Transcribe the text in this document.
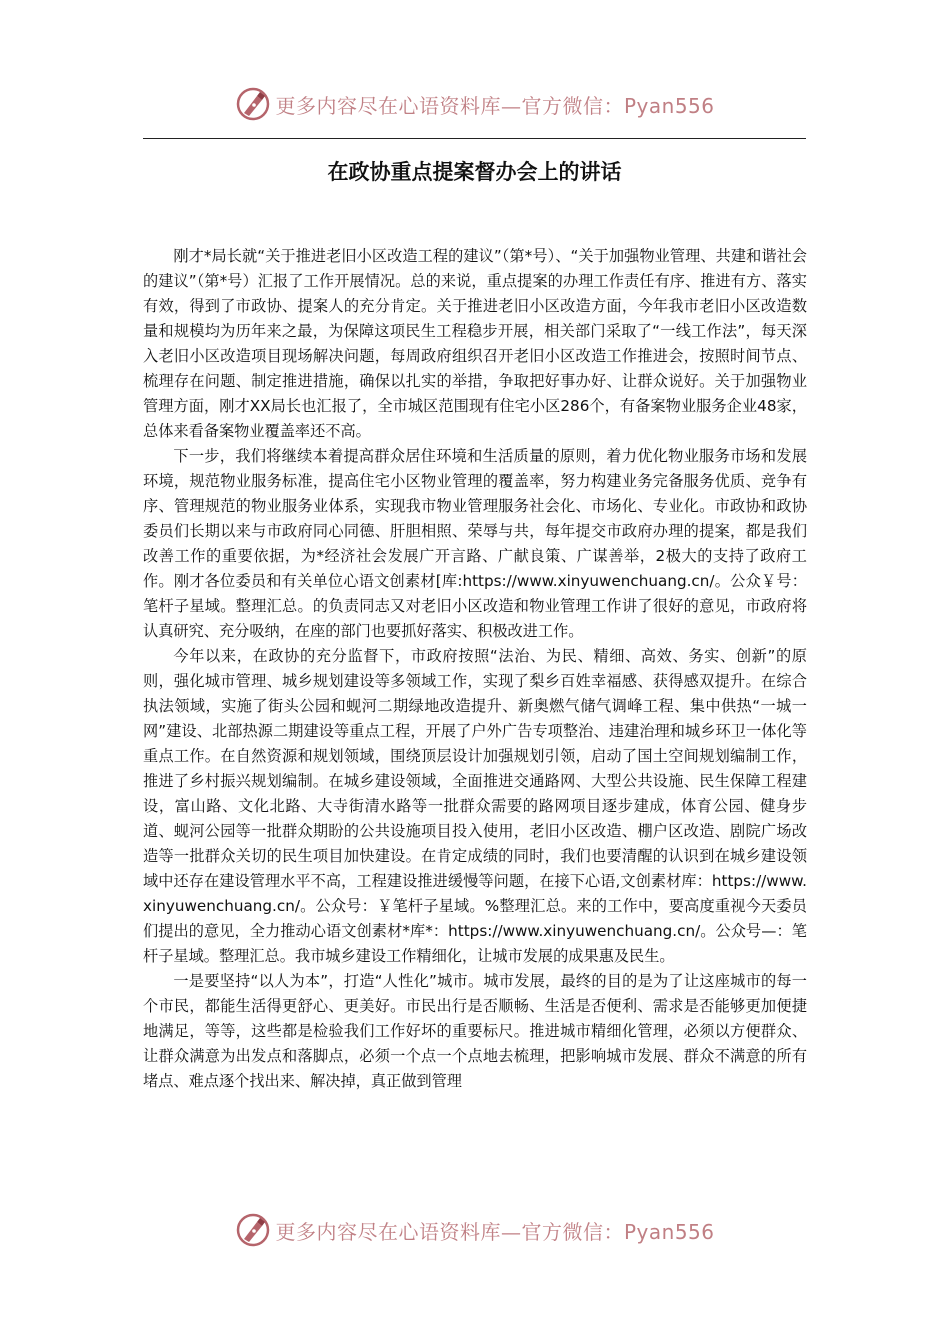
更多内容尽在心语资料库—官方微信：Pyan556
在政协重点提案督办会上的讲话

刚才*局长就“关于推进老旧小区改造工程的建议”（第*号）、“关于加强物业管理、共建和谐社会的建议”（第*号）汇报了工作开展情况。总的来说，重点提案的办理工作责任有序、推进有方、落实有效，得到了市政协、提案人的充分肯定。关于推进老旧小区改造方面，今年我市老旧小区改造数量和规模均为历年来之最，为保障这项民生工程稳步开展，相关部门采取了“一线工作法”，每天深入老旧小区改造项目现场解决问题，每周政府组织召开老旧小区改造工作推进会，按照时间节点、梳理存在问题、制定推进措施，确保以扎实的举措，争取把好事办好、让群众说好。关于加强物业管理方面，刚才XX局长也汇报了，全市城区范围现有住宅小区286个，有备案物业服务企业48家，总体来看备案物业覆盖率还不高。

下一步，我们将继续本着提高群众居住环境和生活质量的原则，着力优化物业服务市场和发展环境，规范物业服务标准，提高住宅小区物业管理的覆盖率，努力构建业务完备服务优质、竞争有序、管理规范的物业服务业体系，实现我市物业管理服务社会化、市场化、专业化。市政协和政协委员们长期以来与市政府同心同德、肝胆相照、荣辱与共，每年提交市政府办理的提案，都是我们改善工作的重要依据，为*经济社会发展广开言路、广献良策、广谋善举，2极大的支持了政府工作。刚才各位委员和有关单位心语文创素材[库:https://www.xinyuwenchuang.cn/。公众￥号：笔杆子星域。整理汇总。的负责同志又对老旧小区改造和物业管理工作讲了很好的意见，市政府将认真研究、充分吸纳，在座的部门也要抓好落实、积极改进工作。

今年以来，在政协的充分监督下，市政府按照“法治、为民、精细、高效、务实、创新”的原则，强化城市管理、城乡规划建设等多领域工作，实现了梨乡百姓幸福感、获得感双提升。在综合执法领域，实施了街头公园和蚬河二期绿地改造提升、新奥燃气储气调峰工程、集中供热“一城一网”建设、北部热源二期建设等重点工程，开展了户外广告专项整治、违建治理和城乡环卫一体化等重点工作。在自然资源和规划领域，围绕顶层设计加强规划引领，启动了国土空间规划编制工作，推进了乡村振兴规划编制。在城乡建设领域，全面推进交通路网、大型公共设施、民生保障工程建设，富山路、文化北路、大寺街清水路等一批群众需要的路网项目逐步建成，体育公园、健身步道、蚬河公园等一批群众期盼的公共设施项目投入使用，老旧小区改造、棚户区改造、剧院广场改造等一批群众关切的民生项目加快建设。在肯定成绩的同时，我们也要清醒的认识到在城乡建设领域中还存在建设管理水平不高，工程建设推进缓慢等问题，在接下心语,文创素材库：https://www.xinyuwenchuang.cn/。公众号：￥笔杆子星域。%整理汇总。来的工作中，要高度重视今天委员们提出的意见，全力推动心语文创素材*库*：https://www.xinyuwenchuang.cn/。公众号—：笔杆子星域。整理汇总。我市城乡建设工作精细化，让城市发展的成果惠及民生。

一是要坚持“以人为本”，打造“人性化”城市。城市发展，最终的目的是为了让这座城市的每一个市民，都能生活得更舒心、更美好。市民出行是否顺畅、生活是否便利、需求是否能够更加便捷地满足，等等，这些都是检验我们工作好坏的重要标尺。推进城市精细化管理，必须以方便群众、让群众满意为出发点和落脚点，必须一个点一个点地去梳理，把影响城市发展、群众不满意的所有堵点、难点逐个找出来、解决掉，真正做到管理

更多内容尽在心语资料库—官方微信：Pyan556
